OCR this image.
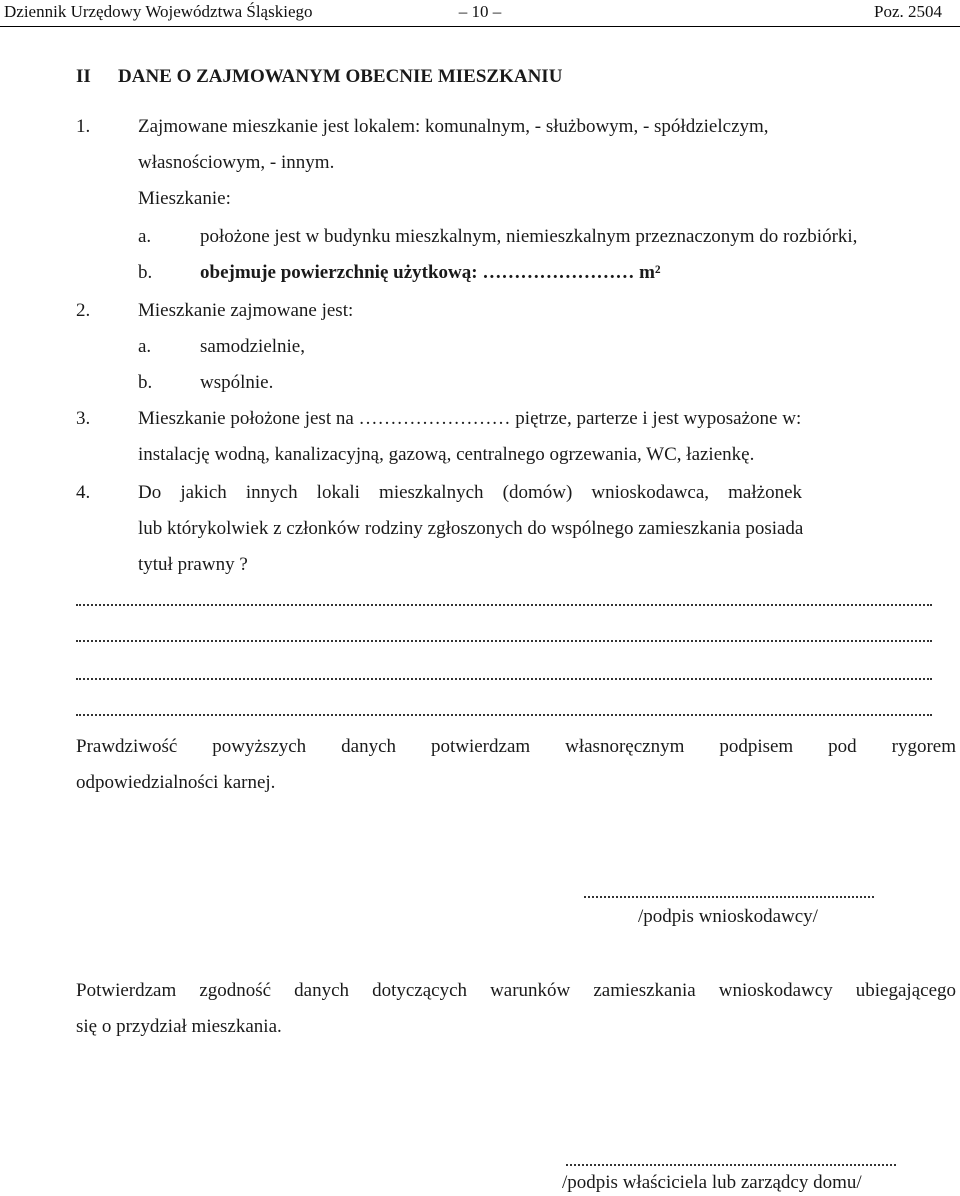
Dziennik Urzędowy Województwa Śląskiego	– 10 –	Poz. 2504
II DANE O ZAJMOWANYM OBECNIE MIESZKANIU
1.	Zajmowane mieszkanie jest lokalem: komunalnym, - służbowym, - spółdzielczym,
własnościowym, - innym.
Mieszkanie:
a.	położone jest w budynku mieszkalnym, niemieszkalnym przeznaczonym do rozbiórki,
b.	obejmuje powierzchnię użytkową: …………………… m²
2.	Mieszkanie zajmowane jest:
a.	samodzielnie,
b.	wspólnie.
3.	Mieszkanie położone jest na …………………… piętrze, parterze i jest wyposażone w:
instalację wodną, kanalizacyjną, gazową, centralnego ogrzewania, WC, łazienkę.
4.	Do jakich innych lokali mieszkalnych (domów) wnioskodawca, małżonek
lub którykolwiek z członków rodziny zgłoszonych do wspólnego zamieszkania posiada
tytuł prawny ?
Prawdziwość powyższych danych potwierdzam własnoręcznym podpisem pod rygorem
odpowiedzialności karnej.
/podpis wnioskodawcy/
Potwierdzam zgodność danych dotyczących warunków zamieszkania wnioskodawcy ubiegającego
się o przydział mieszkania.
/podpis właściciela lub zarządcy domu/
